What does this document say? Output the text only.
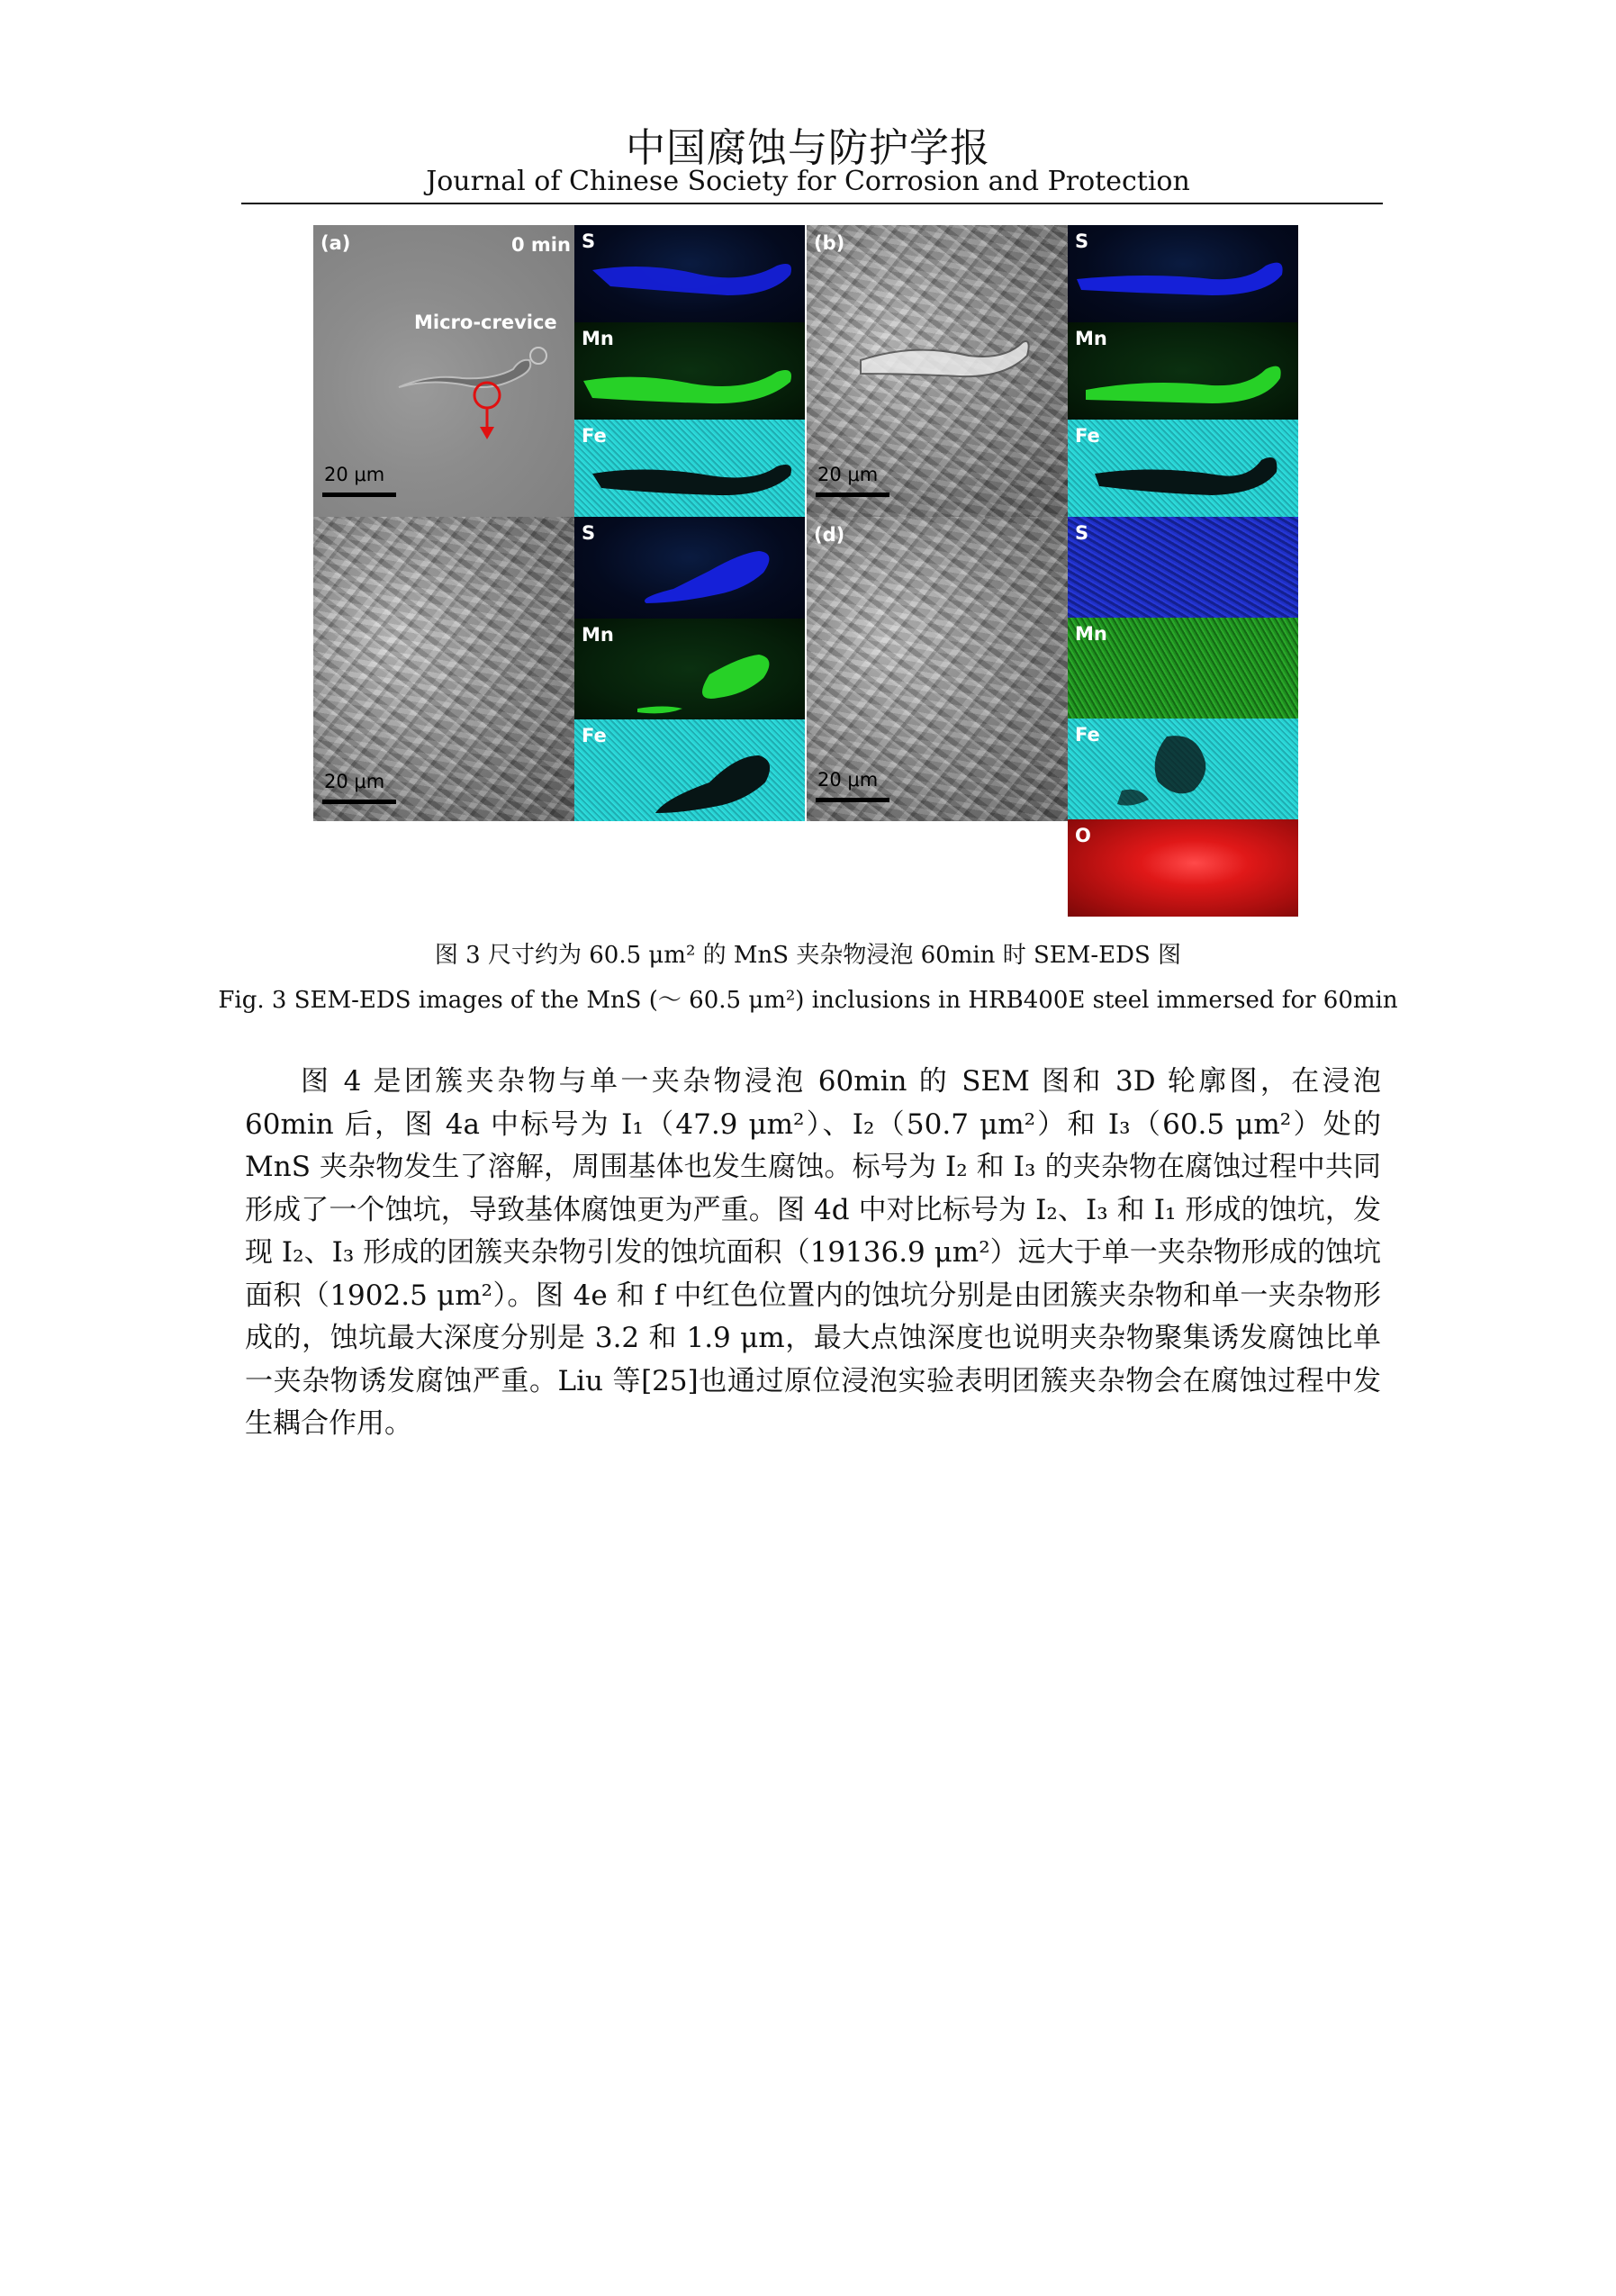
中国腐蚀与防护学报
Journal of Chinese Society for Corrosion and Protection
(a)	0 min
Micro-crevice
20 μm
S
Mn
Fe
(b)
20 μm
S
Mn
Fe
20 μm
S
Mn
Fe
(d)
20 μm
S
Mn
Fe
O
图 3 尺寸约为 60.5 μm² 的 MnS 夹杂物浸泡 60min 时 SEM-EDS 图
Fig. 3 SEM-EDS images of the MnS (～ 60.5 μm²) inclusions in HRB400E steel immersed for 60min

图 4 是团簇夹杂物与单一夹杂物浸泡 60min 的 SEM 图和 3D 轮廓图，在浸泡 60min 后，图 4a 中标号为 I₁（47.9 μm²）、I₂（50.7 μm²）和 I₃（60.5 μm²）处的 MnS 夹杂物发生了溶解，周围基体也发生腐蚀。标号为 I₂ 和 I₃ 的夹杂物在腐蚀过程中共同形成了一个蚀坑，导致基体腐蚀更为严重。图 4d 中对比标号为 I₂、I₃ 和 I₁ 形成的蚀坑，发现 I₂、I₃ 形成的团簇夹杂物引发的蚀坑面积（19136.9 μm²）远大于单一夹杂物形成的蚀坑面积（1902.5 μm²）。图 4e 和 f 中红色位置内的蚀坑分别是由团簇夹杂物和单一夹杂物形成的，蚀坑最大深度分别是 3.2 和 1.9 μm，最大点蚀深度也说明夹杂物聚集诱发腐蚀比单一夹杂物诱发腐蚀严重。Liu 等[25]也通过原位浸泡实验表明团簇夹杂物会在腐蚀过程中发生耦合作用。
